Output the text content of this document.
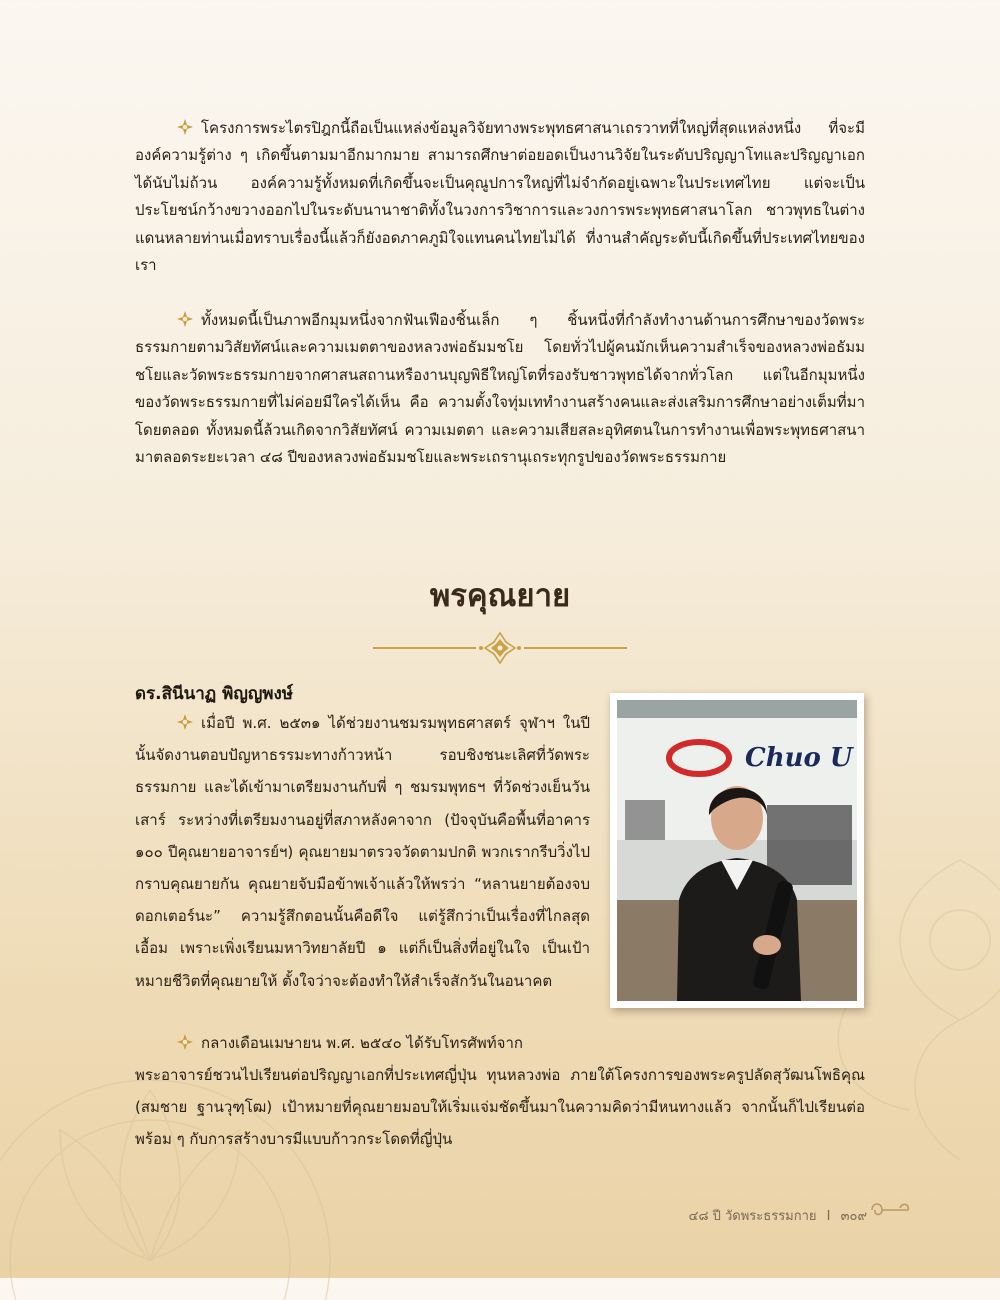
โครงการพระไตรปิฎกนี้ถือเป็นแหล่งข้อมูลวิจัยทางพระพุทธศาสนาเถรวาทที่ใหญ่ที่สุดแหล่งหนึ่ง ที่จะมีองค์ความรู้ต่าง ๆ เกิดขึ้นตามมาอีกมากมาย สามารถศึกษาต่อยอดเป็นงานวิจัยในระดับปริญญาโทและปริญญาเอกได้นับไม่ถ้วน องค์ความรู้ทั้งหมดที่เกิดขึ้นจะเป็นคุณูปการใหญ่ที่ไม่จำกัดอยู่เฉพาะในประเทศไทย แต่จะเป็นประโยชน์กว้างขวางออกไปในระดับนานาชาติทั้งในวงการวิชาการและวงการพระพุทธศาสนาโลก ชาวพุทธในต่างแดนหลายท่านเมื่อทราบเรื่องนี้แล้วก็ยังอดภาคภูมิใจแทนคนไทยไม่ได้ ที่งานสำคัญระดับนี้เกิดขึ้นที่ประเทศไทยของเรา

ทั้งหมดนี้เป็นภาพอีกมุมหนึ่งจากฟันเฟืองชิ้นเล็ก ๆ ชิ้นหนึ่งที่กำลังทำงานด้านการศึกษาของวัดพระธรรมกายตามวิสัยทัศน์และความเมตตาของหลวงพ่อธัมมชโย โดยทั่วไปผู้คนมักเห็นความสำเร็จของหลวงพ่อธัมมชโยและวัดพระธรรมกายจากศาสนสถานหรืองานบุญพิธีใหญ่โตที่รองรับชาวพุทธได้จากทั่วโลก แต่ในอีกมุมหนึ่งของวัดพระธรรมกายที่ไม่ค่อยมีใครได้เห็น คือ ความตั้งใจทุ่มเททำงานสร้างคนและส่งเสริมการศึกษาอย่างเต็มที่มาโดยตลอด ทั้งหมดนี้ล้วนเกิดจากวิสัยทัศน์ ความเมตตา และความเสียสละอุทิศตนในการทำงานเพื่อพระพุทธศาสนามาตลอดระยะเวลา ๔๘ ปีของหลวงพ่อธัมมชโยและพระเถรานุเถระทุกรูปของวัดพระธรรมกาย

พรคุณยาย
ดร.สินีนาฏ พิญญพงษ์

เมื่อปี พ.ศ. ๒๕๓๑ ได้ช่วยงานชมรมพุทธศาสตร์ จุฬาฯ ในปีนั้นจัดงานตอบปัญหาธรรมะทางก้าวหน้า รอบชิงชนะเลิศที่วัดพระธรรมกาย และได้เข้ามาเตรียมงานกับพี่ ๆ ชมรมพุทธฯ ที่วัดช่วงเย็นวันเสาร์ ระหว่างที่เตรียมงานอยู่ที่สภาหลังคาจาก (ปัจจุบันคือพื้นที่อาคาร ๑๐๐ ปีคุณยายอาจารย์ฯ) คุณยายมาตรวจวัดตามปกติ พวกเรากรีบวิ่งไปกราบคุณยายกัน คุณยายจับมือข้าพเจ้าแล้วให้พรว่า “หลานยายต้องจบดอกเตอร์นะ” ความรู้สึกตอนนั้นคือดีใจ แต่รู้สึกว่าเป็นเรื่องที่ไกลสุดเอื้อม เพราะเพิ่งเรียนมหาวิทยาลัยปี ๑ แต่ก็เป็นสิ่งที่อยู่ในใจ เป็นเป้าหมายชีวิตที่คุณยายให้ ตั้งใจว่าจะต้องทำให้สำเร็จสักวันในอนาคต

กลางเดือนเมษายน พ.ศ. ๒๕๔๐ ได้รับโทรศัพท์จาก

พระอาจารย์ชวนไปเรียนต่อปริญญาเอกที่ประเทศญี่ปุ่น ทุนหลวงพ่อ ภายใต้โครงการของพระครูปลัดสุวัฒนโพธิคุณ (สมชาย ฐานวุฑฺโฒ) เป้าหมายที่คุณยายมอบให้เริ่มแจ่มชัดขึ้นมาในความคิดว่ามีหนทางแล้ว จากนั้นก็ไปเรียนต่อพร้อม ๆ กับการสร้างบารมีแบบก้าวกระโดดที่ญี่ปุ่น

Chuo U
๔๘ ปี วัดพระธรรมกาย I ๓๐๙
